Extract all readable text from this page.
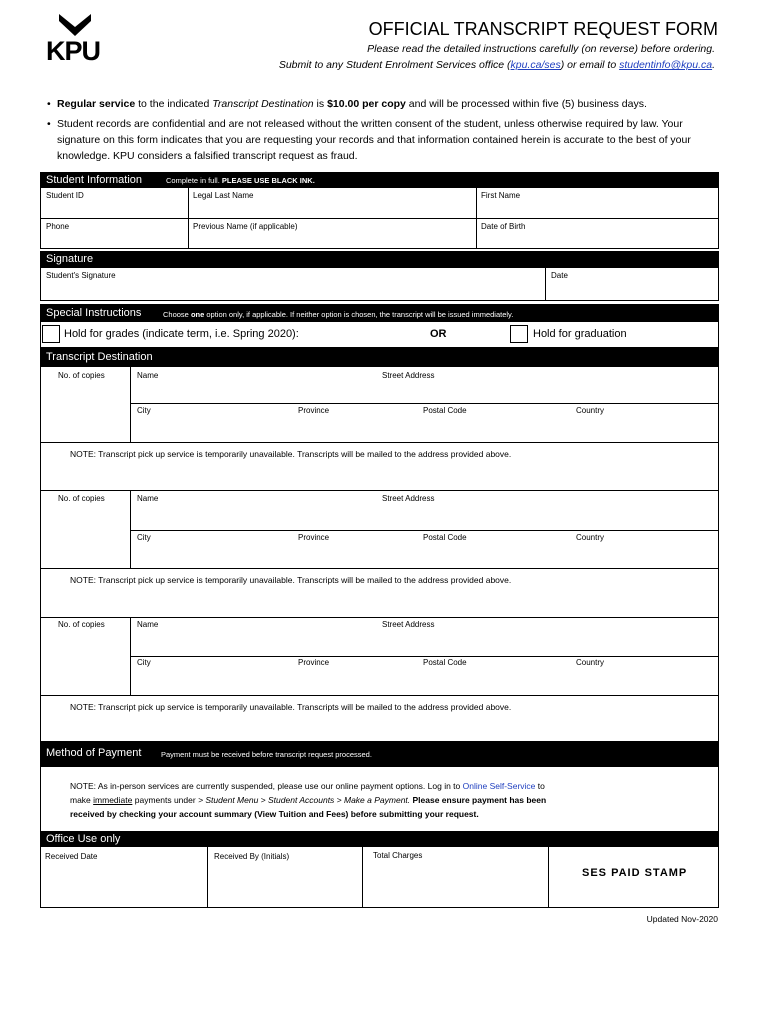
KPU
OFFICIAL TRANSCRIPT REQUEST FORM
Please read the detailed instructions carefully (on reverse) before ordering.
Submit to any Student Enrolment Services office (kpu.ca/ses) or email to studentinfo@kpu.ca.
• Regular service to the indicated Transcript Destination is $10.00 per copy and will be processed within five (5) business days.
• Student records are confidential and are not released without the written consent of the student, unless otherwise required by law. Your signature on this form indicates that you are requesting your records and that information contained herein is accurate to the best of your knowledge. KPU considers a falsified transcript request as fraud.
Student Information	Complete in full. PLEASE USE BLACK INK.
Student ID	Legal Last Name	First Name
Phone	Previous Name (if applicable)	Date of Birth
Signature
Student's Signature	Date
Special Instructions	Choose one option only, if applicable. If neither option is chosen, the transcript will be issued immediately.
Hold for grades (indicate term, i.e. Spring 2020):	OR	Hold for graduation
Transcript Destination
No. of copies	Name	Street Address
City	Province	Postal Code	Country
NOTE: Transcript pick up service is temporarily unavailable. Transcripts will be mailed to the address provided above.
No. of copies	Name	Street Address
City	Province	Postal Code	Country
NOTE: Transcript pick up service is temporarily unavailable. Transcripts will be mailed to the address provided above.
No. of copies	Name	Street Address
City	Province	Postal Code	Country
NOTE: Transcript pick up service is temporarily unavailable. Transcripts will be mailed to the address provided above.
Method of Payment	Payment must be received before transcript request processed.
NOTE: As in-person services are currently suspended, please use our online payment options. Log in to Online Self-Service to
make immediate payments under > Student Menu > Student Accounts > Make a Payment. Please ensure payment has been
received by checking your account summary (View Tuition and Fees) before submitting your request.
Office Use only
Received Date	Received By (Initials)	Total Charges
SES PAID STAMP
Updated Nov-2020
